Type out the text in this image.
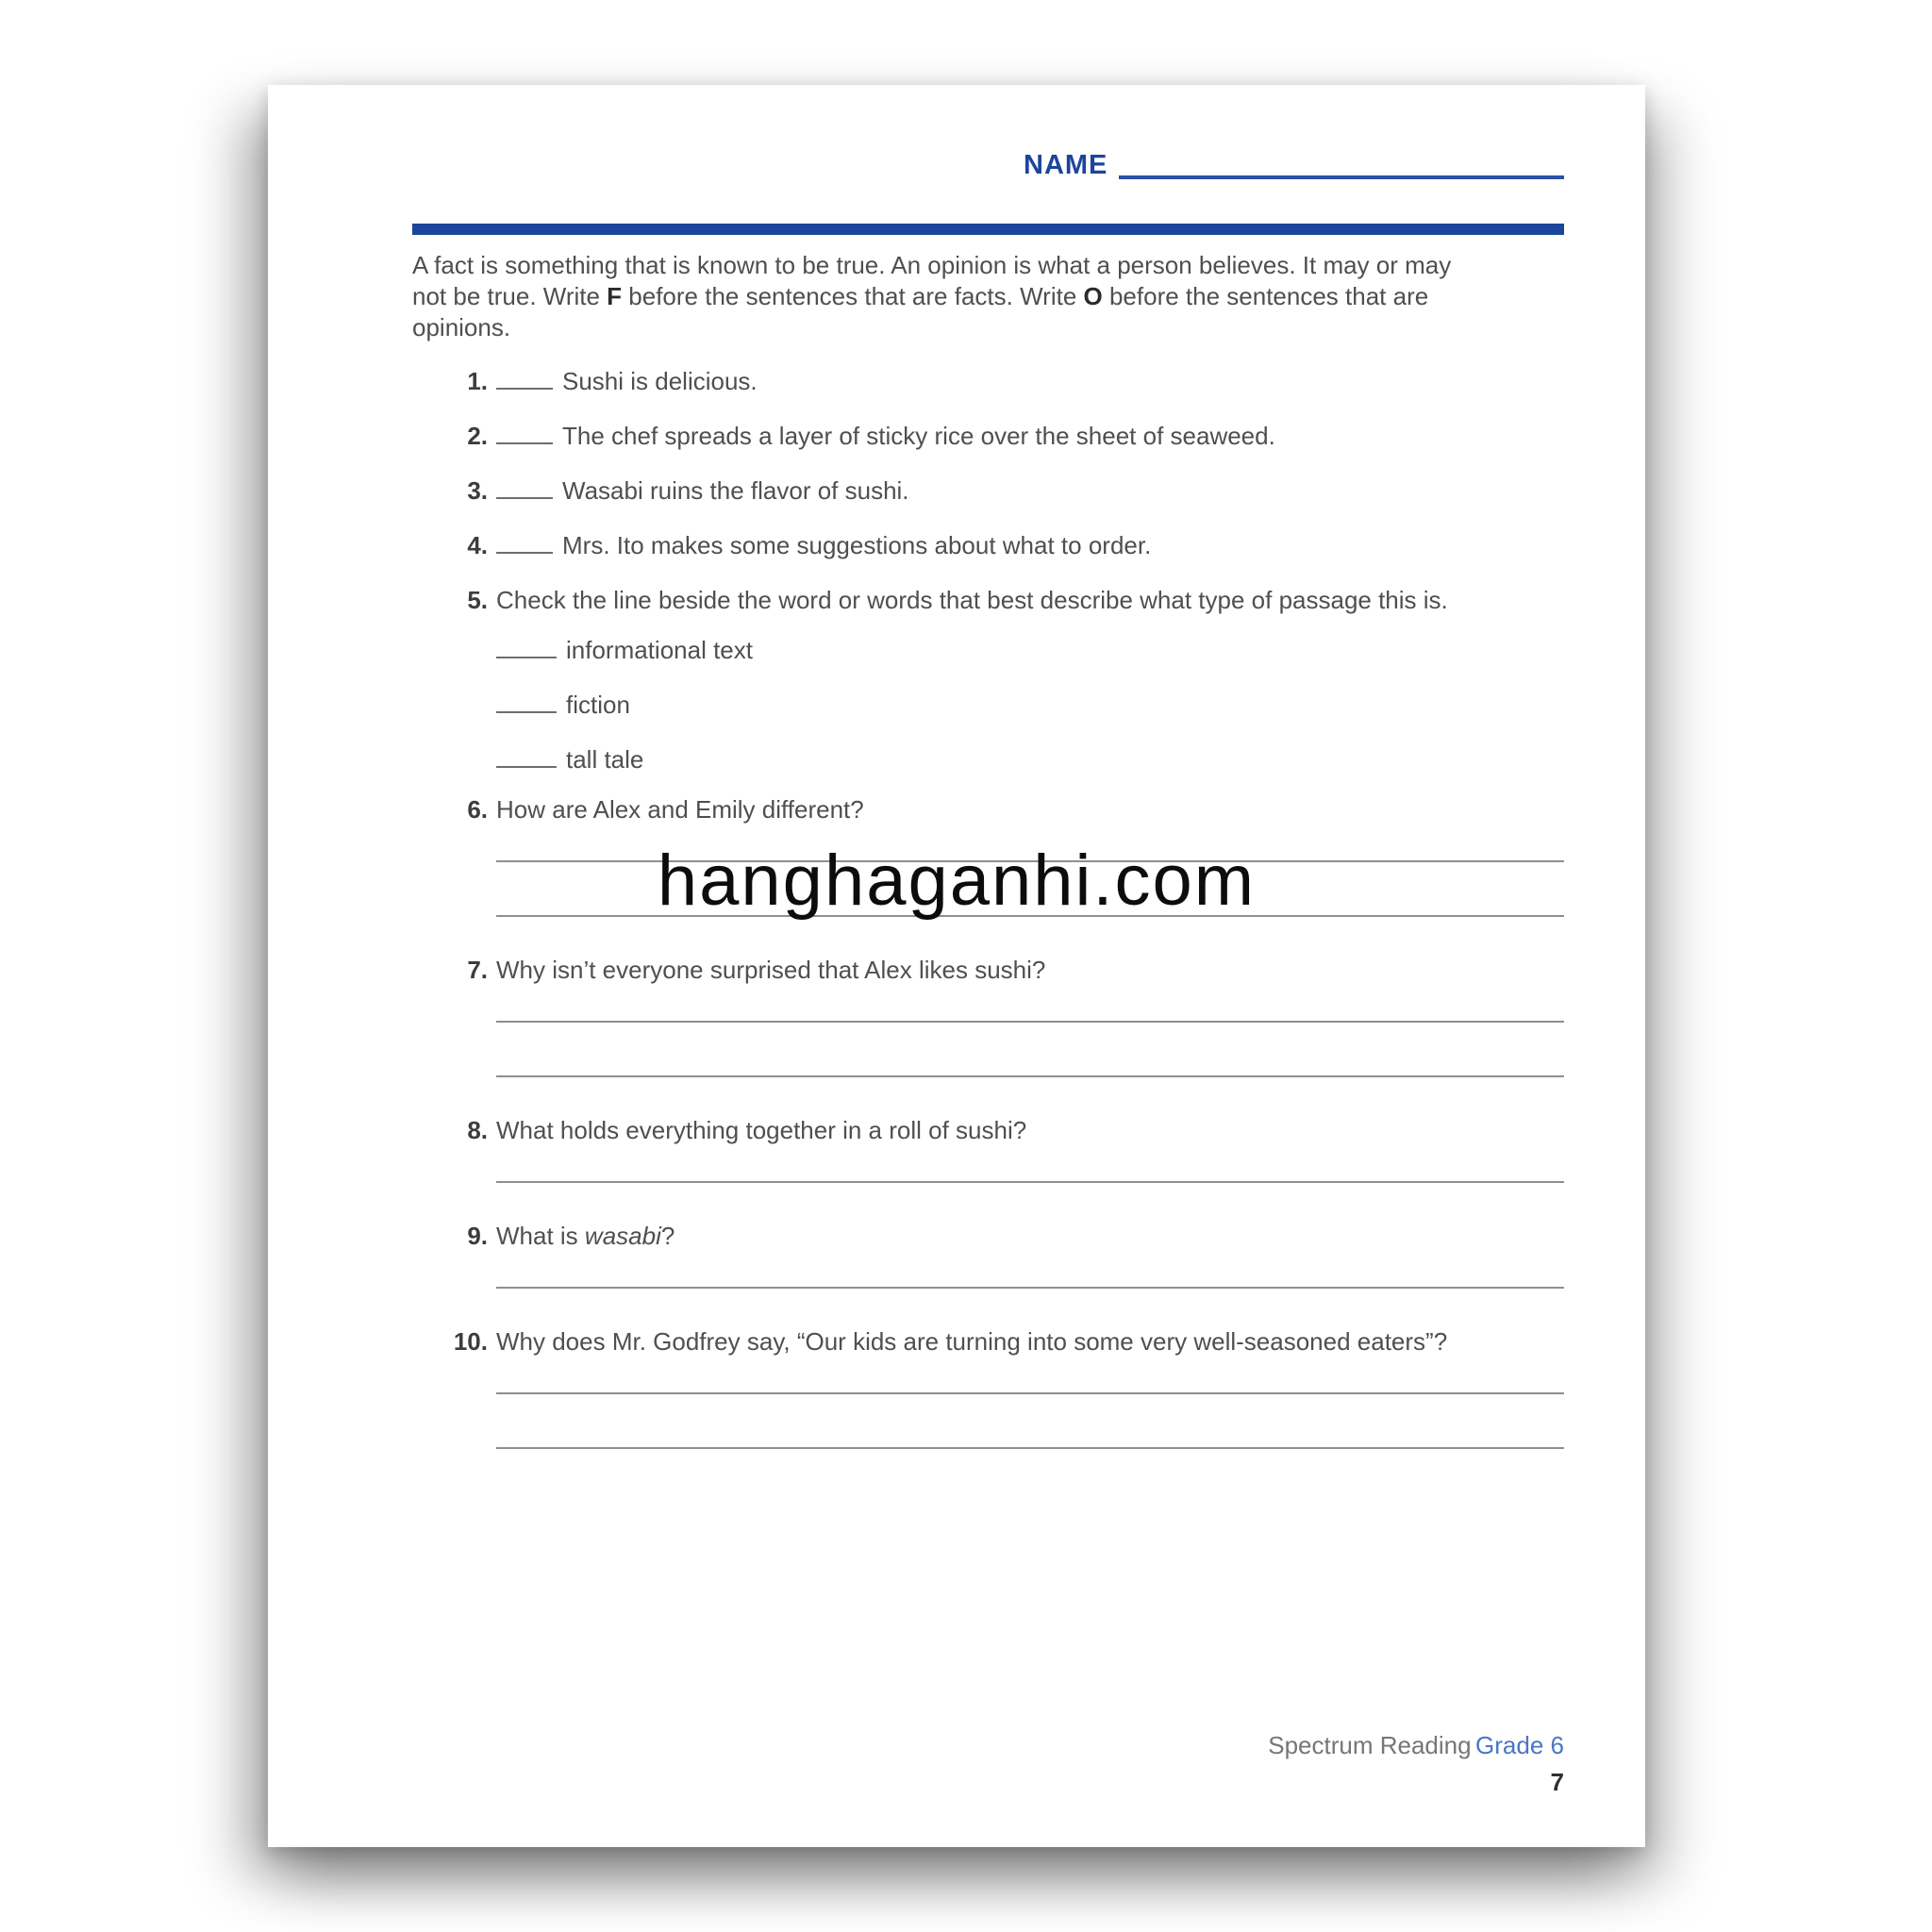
NAME
A fact is something that is known to be true. An opinion is what a person believes. It may or may
not be true. Write F before the sentences that are facts. Write O before the sentences that are
opinions.
1.	Sushi is delicious.
2.	The chef spreads a layer of sticky rice over the sheet of seaweed.
3.	Wasabi ruins the flavor of sushi.
4.	Mrs. Ito makes some suggestions about what to order.
5. Check the line beside the word or words that best describe what type of passage this is.
informational text
fiction
tall tale
6. How are Alex and Emily different?
7. Why isn’t everyone surprised that Alex likes sushi?
8. What holds everything together in a roll of sushi?
9. What is wasabi?
10. Why does Mr. Godfrey say, “Our kids are turning into some very well-seasoned eaters”?
hanghaganhi.com
Spectrum Reading Grade 6
7
